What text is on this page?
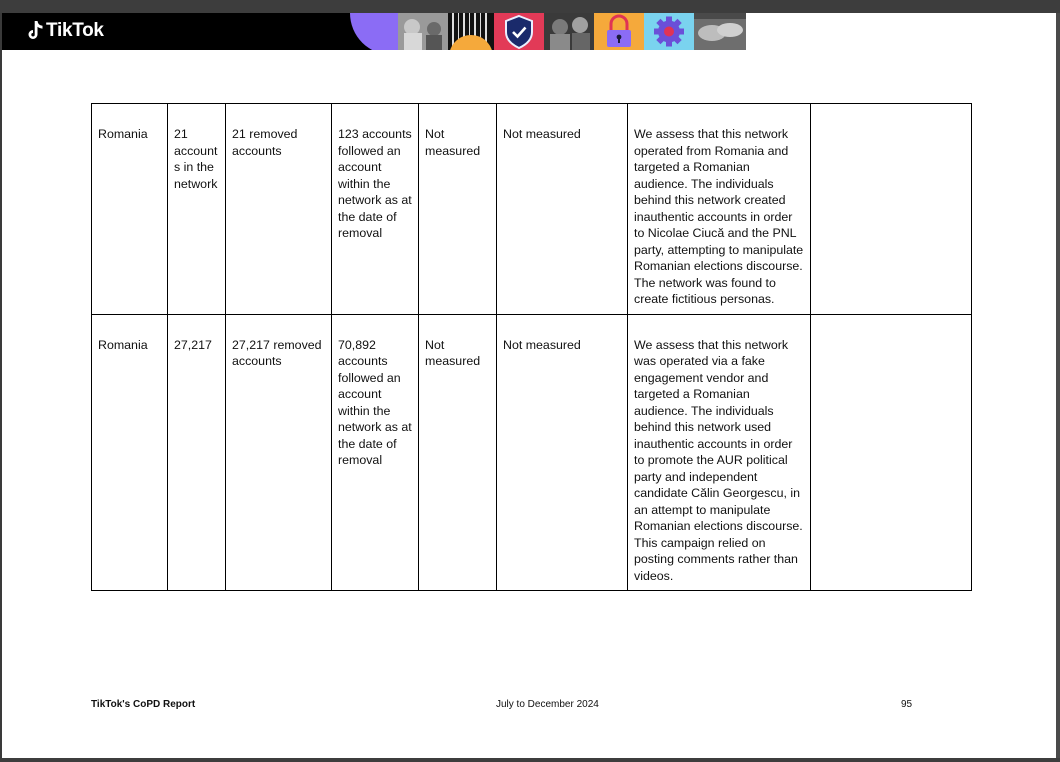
TikTok
Romania	21 accounts in the network	21 removed accounts	123 accounts followed an account within the network as at the date of removal	Not measured	Not measured	We assess that this network operated from Romania and targeted a Romanian audience. The individuals behind this network created inauthentic accounts in order to Nicolae Ciucă and the PNL party, attempting to manipulate Romanian elections discourse. The network was found to create fictitious personas.	
Romania	27,217	27,217 removed accounts	70,892 accounts followed an account within the network as at the date of removal	Not measured	Not measured	We assess that this network was operated via a fake engagement vendor and targeted a Romanian audience. The individuals behind this network used inauthentic accounts in order to promote the AUR political party and independent candidate Călin Georgescu, in an attempt to manipulate Romanian elections discourse. This campaign relied on posting comments rather than videos.	
TikTok's CoPD Report	July to December 2024	95
